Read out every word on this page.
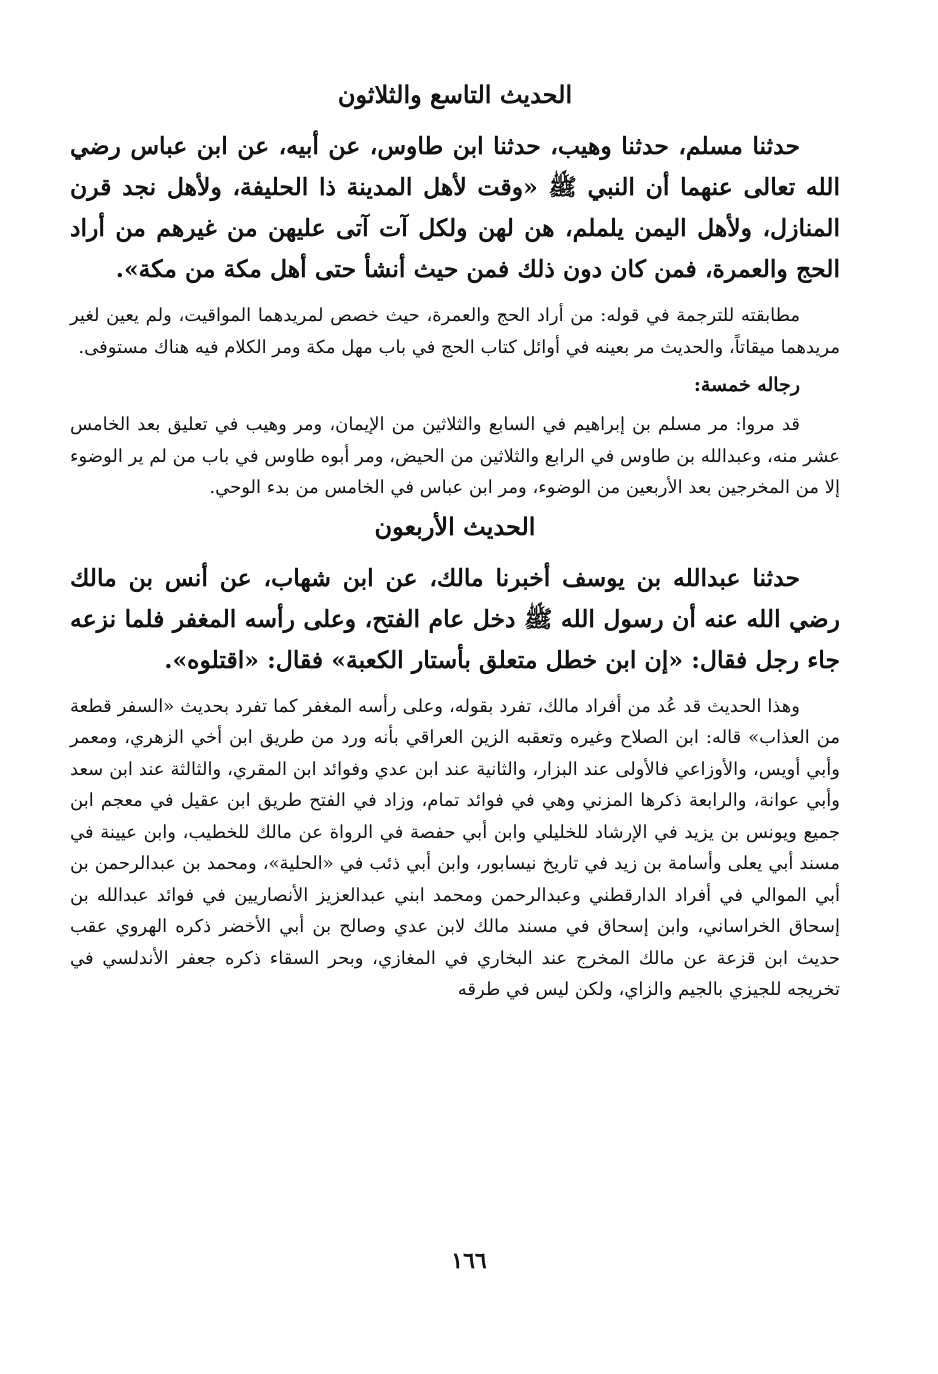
الحديث التاسع والثلاثون

حدثنا مسلم، حدثنا وهيب، حدثنا ابن طاوس، عن أبيه، عن ابن عباس رضي الله تعالى عنهما أن النبي ﷺ «وقت لأهل المدينة ذا الحليفة، ولأهل نجد قرن المنازل، ولأهل اليمن يلملم، هن لهن ولكل آت آتى عليهن من غيرهم من أراد الحج والعمرة، فمن كان دون ذلك فمن حيث أنشأ حتى أهل مكة من مكة».

مطابقته للترجمة في قوله: من أراد الحج والعمرة، حيث خصص لمريدهما المواقيت، ولم يعين لغير مريدهما ميقاتاً، والحديث مر بعينه في أوائل كتاب الحج في باب مهل مكة ومر الكلام فيه هناك مستوفى.

رجاله خمسة:

قد مروا: مر مسلم بن إبراهيم في السابع والثلاثين من الإيمان، ومر وهيب في تعليق بعد الخامس عشر منه، وعبدالله بن طاوس في الرابع والثلاثين من الحيض، ومر أبوه طاوس في باب من لم ير الوضوء إلا من المخرجين بعد الأربعين من الوضوء، ومر ابن عباس في الخامس من بدء الوحي.

الحديث الأربعون

حدثنا عبدالله بن يوسف أخبرنا مالك، عن ابن شهاب، عن أنس بن مالك رضي الله عنه أن رسول الله ﷺ دخل عام الفتح، وعلى رأسه المغفر فلما نزعه جاء رجل فقال: «إن ابن خطل متعلق بأستار الكعبة» فقال: «اقتلوه».

وهذا الحديث قد عُد من أفراد مالك، تفرد بقوله، وعلى رأسه المغفر كما تفرد بحديث «السفر قطعة من العذاب» قاله: ابن الصلاح وغيره وتعقبه الزين العراقي بأنه ورد من طريق ابن أخي الزهري، ومعمر وأبي أويس، والأوزاعي فالأولى عند البزار، والثانية عند ابن عدي وفوائد ابن المقري، والثالثة عند ابن سعد وأبي عوانة، والرابعة ذكرها المزني وهي في فوائد تمام، وزاد في الفتح طريق ابن عقيل في معجم ابن جميع ويونس بن يزيد في الإرشاد للخليلي وابن أبي حفصة في الرواة عن مالك للخطيب، وابن عيينة في مسند أبي يعلى وأسامة بن زيد في تاريخ نيسابور، وابن أبي ذئب في «الحلية»، ومحمد بن عبدالرحمن بن أبي الموالي في أفراد الدارقطني وعبدالرحمن ومحمد ابني عبدالعزيز الأنصاريين في فوائد عبدالله بن إسحاق الخراساني، وابن إسحاق في مسند مالك لابن عدي وصالح بن أبي الأخضر ذكره الهروي عقب حديث ابن قزعة عن مالك المخرج عند البخاري في المغازي، وبحر السقاء ذكره جعفر الأندلسي في تخريجه للجيزي بالجيم والزاي، ولكن ليس في طرقه

١٦٦
